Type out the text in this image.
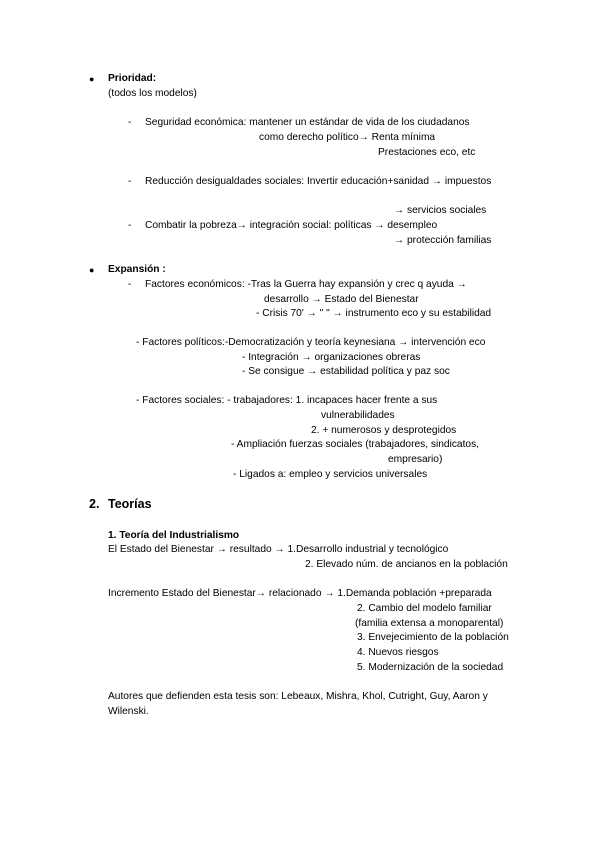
● Prioridad:
(todos los modelos)
- Seguridad económica: mantener un estándar de vida de los ciudadanos
como derecho político→ Renta mínima
Prestaciones eco, etc
- Reducción desigualdades sociales: Invertir educación+sanidad → impuestos
→ servicios sociales
- Combatir la pobreza→ integración social: políticas → desempleo
→ protección familias
● Expansión :
- Factores económicos: -Tras la Guerra hay expansión y crec q ayuda →
desarrollo → Estado del Bienestar
- Crisis 70' → " " → instrumento eco y su estabilidad
- Factores políticos:-Democratización y teoría keynesiana → intervención eco
- Integración → organizaciones obreras
- Se consigue → estabilidad política y paz soc
- Factores sociales: - trabajadores: 1. incapaces hacer frente a sus
vulnerabilidades
2. + numerosos y desprotegidos
- Ampliación fuerzas sociales (trabajadores, sindicatos,
empresario)
- Ligados a: empleo y servicios universales
2. Teorías
1. Teoría del Industrialismo
El Estado del Bienestar → resultado → 1.Desarrollo industrial y tecnológico
2. Elevado núm. de ancianos en la población
Incremento Estado del Bienestar→ relacionado → 1.Demanda población +preparada
2. Cambio del modelo familiar
(familia extensa a monoparental)
3. Envejecimiento de la población
4. Nuevos riesgos
5. Modernización de la sociedad
Autores que defienden esta tesis son: Lebeaux, Mishra, Khol, Cutright, Guy, Aaron y
Wilenski.
